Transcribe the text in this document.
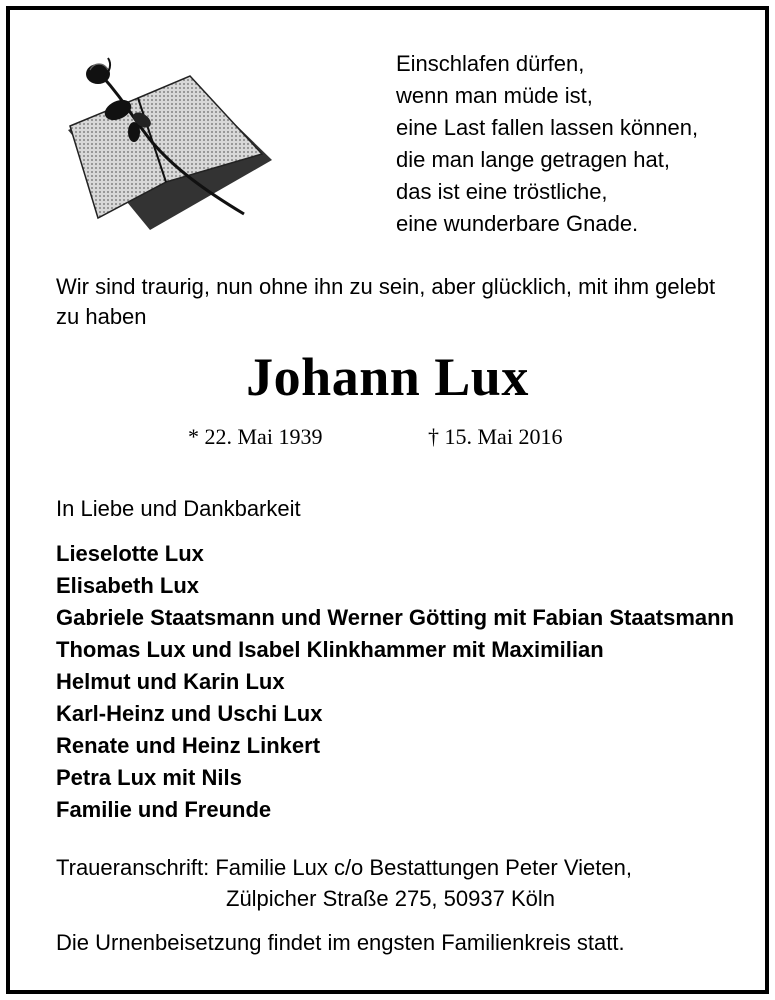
Einschlafen dürfen,
wenn man müde ist,
eine Last fallen lassen können,
die man lange getragen hat,
das ist eine tröstliche,
eine wunderbare Gnade.
Wir sind traurig, nun ohne ihn zu sein, aber glücklich, mit ihm gelebt zu haben
Johann Lux
* 22. Mai 1939	† 15. Mai 2016
In Liebe und Dankbarkeit
Lieselotte Lux
Elisabeth Lux
Gabriele Staatsmann und Werner Götting mit Fabian Staatsmann
Thomas Lux und Isabel Klinkhammer mit Maximilian
Helmut und Karin Lux
Karl-Heinz und Uschi Lux
Renate und Heinz Linkert
Petra Lux mit Nils
Familie und Freunde
Traueranschrift: Familie Lux c/o Bestattungen Peter Vieten,
Zülpicher Straße 275, 50937 Köln
Die Urnenbeisetzung findet im engsten Familienkreis statt.
